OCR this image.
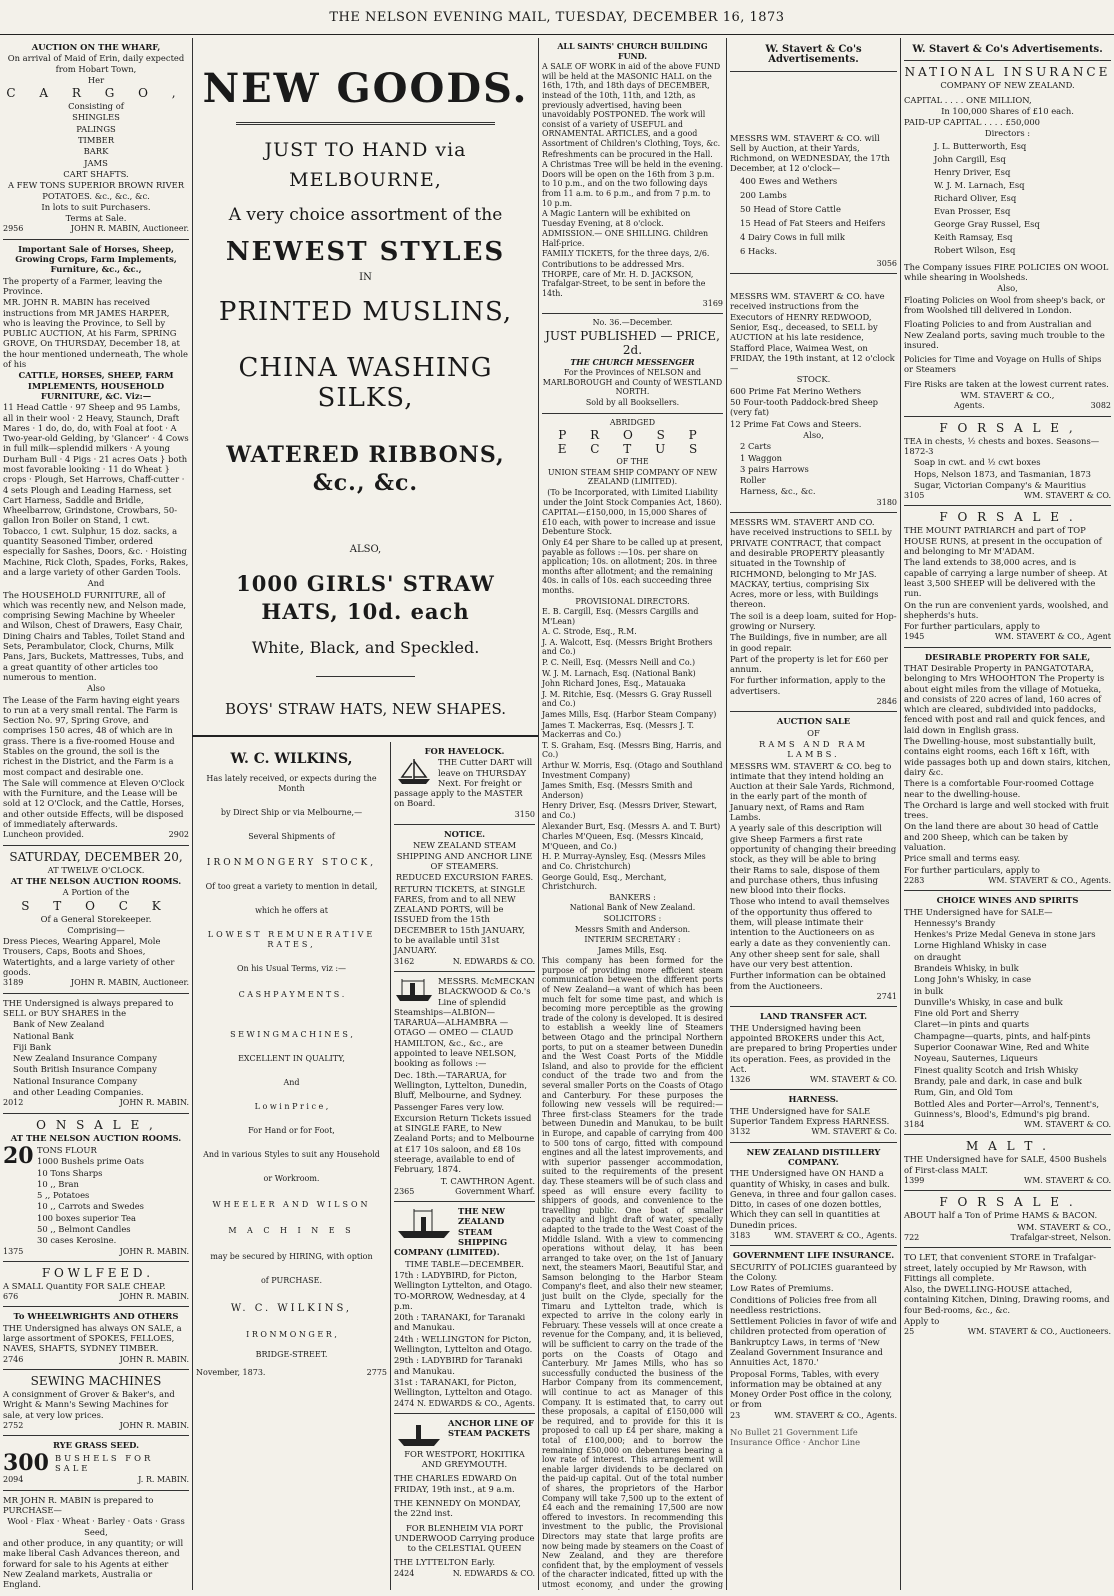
THE NELSON EVENING MAIL, TUESDAY, DECEMBER 16, 1873

AUCTION ON THE WHARF,

On arrival of Maid of Erin, daily expected from Hobart Town,

Her

C A R G O ,

Consisting of

SHINGLES

PALINGS

TIMBER

BARK

JAMS

CART SHAFTS.

A FEW TONS SUPERIOR BROWN RIVER POTATOES. &c., &c., &c.

In lots to suit Purchasers.

Terms at Sale.

2956	JOHN R. MABIN, Auctioneer.

Important Sale of Horses, Sheep, Growing Crops, Farm Implements, Furniture, &c., &c.,

The property of a Farmer, leaving the Province.

MR. JOHN R. MABIN has received instructions from MR JAMES HARPER, who is leaving the Province, to Sell by PUBLIC AUCTION, At his Farm, SPRING GROVE, On THURSDAY, December 18, at the hour mentioned underneath, The whole of his

CATTLE, HORSES, SHEEP, FARM IMPLEMENTS, HOUSEHOLD FURNITURE, &C. Viz:—

11 Head Cattle · 97 Sheep and 95 Lambs, all in their wool · 2 Heavy, Staunch, Draft Mares · 1 do, do, do, with Foal at foot · A Two-year-old Gelding, by 'Glancer' · 4 Cows in full milk—splendid milkers · A young Durham Bull · 4 Pigs · 21 acres Oats } both most favorable looking · 11 do Wheat } crops · Plough, Set Harrows, Chaff-cutter · 4 sets Plough and Leading Harness, set Cart Harness, Saddle and Bridle, Wheelbarrow, Grindstone, Crowbars, 50-gallon Iron Boiler on Stand, 1 cwt. Tobacco, 1 cwt. Sulphur, 15 doz. sacks, a quantity Seasoned Timber, ordered especially for Sashes, Doors, &c. · Hoisting Machine, Rick Cloth, Spades, Forks, Rakes, and a large variety of other Garden Tools.

And

The HOUSEHOLD FURNITURE, all of which was recently new, and Nelson made, comprising Sewing Machine by Wheeler and Wilson, Chest of Drawers, Easy Chair, Dining Chairs and Tables, Toilet Stand and Sets, Perambulator, Clock, Churns, Milk Pans, Jars, Buckets, Mattresses, Tubs, and a great quantity of other articles too numerous to mention.

Also

The Lease of the Farm having eight years to run at a very small rental. The Farm is Section No. 97, Spring Grove, and comprises 150 acres, 48 of which are in grass. There is a five-roomed House and Stables on the ground, the soil is the richest in the District, and the Farm is a most compact and desirable one.

The Sale will commence at Eleven O'Clock with the Furniture, and the Lease will be sold at 12 O'Clock, and the Cattle, Horses, and other outside Effects, will be disposed of immediately afterwards.

Luncheon provided.	2902

SATURDAY, DECEMBER 20,

AT TWELVE O'CLOCK.

AT THE NELSON AUCTION ROOMS.

A Portion of the

S T O C K

Of a General Storekeeper.

Comprising—

Dress Pieces, Wearing Apparel, Mole Trousers, Caps, Boots and Shoes, Watertights, and a large variety of other goods.

3189	JOHN R. MABIN, Auctioneer.

THE Undersigned is always prepared to SELL or BUY SHARES in the

Bank of New Zealand

National Bank

Fiji Bank

New Zealand Insurance Company

South British Insurance Company

National Insurance Company

and other Leading Companies.

2012	JOHN R. MABIN.

O N S A L E ,

AT THE NELSON AUCTION ROOMS.

20 TONS FLOUR

1000 Bushels prime Oats

10 Tons Sharps

10 ,, Bran

5 ,, Potatoes

10 ,, Carrots and Swedes

100 boxes superior Tea

50 ,, Belmont Candles

30 cases Kerosine.

1375	JOHN R. MABIN.

F O W L F E E D .

A SMALL Quantity FOR SALE CHEAP.

676	JOHN R. MABIN.

To WHEELWRIGHTS AND OTHERS

THE Undersigned has always ON SALE, a large assortment of SPOKES, FELLOES, NAVES, SHAFTS, SYDNEY TIMBER.

2746	JOHN R. MABIN.

SEWING MACHINES

A consignment of Grover & Baker's, and Wright & Mann's Sewing Machines for sale, at very low prices.

2752	JOHN R. MABIN.

RYE GRASS SEED.

300 BUSHELS FOR SALE
2094	J. R. MABIN.

MR JOHN R. MABIN is prepared to PURCHASE—

Wool · Flax · Wheat · Barley · Oats · Grass Seed,

and other produce, in any quantity; or will make liberal Cash Advances thereon, and forward for sale to his Agents at either New Zealand markets, Australia or England.

NEW GOODS.
JUST TO HAND via MELBOURNE,
A very choice assortment of the
NEWEST STYLES
IN
PRINTED MUSLINS,
CHINA WASHING SILKS,
WATERED RIBBONS, &c., &c.
ALSO,
1000 GIRLS' STRAW HATS, 10d. each
White, Black, and Speckled.
BOYS' STRAW HATS, NEW SHAPES.
W. C. WILKINS,

Has lately received, or expects during the Month

by Direct Ship or via Melbourne,—

Several Shipments of

IRONMONGERY STOCK,

Of too great a variety to mention in detail,

which he offers at

LOWEST REMUNERATIVE RATES,

On his Usual Terms, viz :—

C A S H P A Y M E N T S .

S E W I N G M A C H I N E S ,

EXCELLENT IN QUALITY,

And

L o w i n P r i c e ,

For Hand or for Foot,

And in various Styles to suit any Household

or Workroom.

WHEELER AND WILSON

M A C H I N E S

may be secured by HIRING, with option

of PURCHASE.

W. C. WILKINS,

I R O N M O N G E R ,

BRIDGE-STREET.

November, 1873.	2775

FOR HAVELOCK.

THE Cutter DART will leave on THURSDAY Next. For freight or passage apply to the MASTER on Board.

3150

NOTICE.

NEW ZEALAND STEAM SHIPPING AND ANCHOR LINE OF STEAMERS.

REDUCED EXCURSION FARES.

RETURN TICKETS, at SINGLE FARES, from and to all NEW ZEALAND PORTS, will be ISSUED from the 15th DECEMBER to 15th JANUARY, to be available until 31st JANUARY.

3162	N. EDWARDS & CO.

MESSRS. McMECKAN BLACKWOOD & Co.'s Line of splendid Steamships—ALBION—TARARUA—ALHAMBRA — OTAGO — OMEO — CLAUD HAMILTON, &c., &c., are appointed to leave NELSON, booking as follows :—

Dec. 18th.—TARARUA, for Wellington, Lyttelton, Dunedin, Bluff, Melbourne, and Sydney.

Passenger Fares very low.

Excursion Return Tickets issued at SINGLE FARE, to New Zealand Ports; and to Melbourne at £17 10s saloon, and £8 10s steerage, available to end of February, 1874.

T. CAWTHRON Agent.

2365	Government Wharf.

THE NEW ZEALAND STEAM SHIPPING COMPANY (LIMITED).

TIME TABLE—DECEMBER.

17th : LADYBIRD, for Picton, Wellington Lyttelton, and Otago. TO-MORROW, Wednesday, at 4 p.m.

20th : TARANAKI, for Taranaki and Manukau.

24th : WELLINGTON for Picton, Wellington, Lyttelton and Otago.

29th : LADYBIRD for Taranaki and Manukau.

31st : TARANAKI, for Picton, Wellington, Lyttelton and Otago.

2474 N. EDWARDS & CO., Agents.

ANCHOR LINE OF STEAM PACKETS

FOR WESTPORT, HOKITIKA AND GREYMOUTH.

THE CHARLES EDWARD On FRIDAY, 19th inst., at 9 a.m.

THE KENNEDY On MONDAY, the 22nd inst.

FOR BLENHEIM VIA PORT UNDERWOOD Carrying produce to the CELESTIAL QUEEN

THE LYTTELTON Early.

2424	N. EDWARDS & CO.

ALL SAINTS' CHURCH BUILDING FUND.

A SALE OF WORK in aid of the above FUND will be held at the MASONIC HALL on the 16th, 17th, and 18th days of DECEMBER, instead of the 10th, 11th, and 12th, as previously advertised, having been unavoidably POSTPONED. The work will consist of a variety of USEFUL and ORNAMENTAL ARTICLES, and a good Assortment of Children's Clothing, Toys, &c.

Refreshments can be procured in the Hall.

A Christmas Tree will be held in the evening. Doors will be open on the 16th from 3 p.m. to 10 p.m., and on the two following days from 11 a.m. to 6 p.m., and from 7 p.m. to 10 p.m.

A Magic Lantern will be exhibited on Tuesday Evening, at 8 o'clock.

ADMISSION.— ONE SHILLING. Children Half-price.

FAMILY TICKETS, for the three days, 2/6.

Contributions to be addressed Mrs. THORPE, care of Mr. H. D. JACKSON, Trafalgar-Street, to be sent in before the 14th.

3169

No. 36.—December.

JUST PUBLISHED — PRICE, 2d.

THE CHURCH MESSENGER

For the Provinces of NELSON and MARLBOROUGH and County of WESTLAND NORTH.

Sold by all Booksellers.

ABRIDGED

P R O S P E C T U S

OF THE

UNION STEAM SHIP COMPANY OF NEW ZEALAND (LIMITED).

(To be Incorporated, with Limited Liability under the Joint Stock Companies Act, 1860).

CAPITAL—£150,000, in 15,000 Shares of £10 each, with power to increase and issue Debenture Stock.

Only £4 per Share to be called up at present, payable as follows :—10s. per share on application; 10s. on allotment; 20s. in three months after allotment; and the remaining 40s. in calls of 10s. each succeeding three months.

PROVISIONAL DIRECTORS.

E. B. Cargill, Esq. (Messrs Cargills and M'Lean)

A. C. Strode, Esq., R.M.

J. A. Walcott, Esq. (Messrs Bright Brothers and Co.)

P. C. Neill, Esq. (Messrs Neill and Co.)

W. J. M. Larnach, Esq. (National Bank)

John Richard Jones, Esq., Matauaka

J. M. Ritchie, Esq. (Messrs G. Gray Russell and Co.)

James Mills, Esq. (Harbor Steam Company)

James T. Mackerras, Esq. (Messrs J. T. Mackerras and Co.)

T. S. Graham, Esq. (Messrs Bing, Harris, and Co.)

Arthur W. Morris, Esq. (Otago and Southland Investment Company)

James Smith, Esq. (Messrs Smith and Anderson)

Henry Driver, Esq. (Messrs Driver, Stewart, and Co.)

Alexander Burt, Esq. (Messrs A. and T. Burt)

Charles M'Queen, Esq. (Messrs Kincaid, M'Queen, and Co.)

H. P. Murray-Aynsley, Esq. (Messrs Miles and Co. Christchurch)

George Gould, Esq., Merchant, Christchurch.

BANKERS :

National Bank of New Zealand.

SOLICITORS :

Messrs Smith and Anderson.

INTERIM SECRETARY :

James Mills, Esq.

This company has been formed for the purpose of providing more efficient steam communication between the different ports of New Zealand—a want of which has been much felt for some time past, and which is becoming more perceptible as the growing trade of the colony is developed. It is desired to establish a weekly line of Steamers between Otago and the principal Northern ports, to put on a steamer between Dunedin and the West Coast Ports of the Middle Island, and also to provide for the efficient conduct of the trade two and from the several smaller Ports on the Coasts of Otago and Canterbury. For these purposes the following new vessels will be required:— Three first-class Steamers for the trade between Dunedin and Manukau, to be built in Europe, and capable of carrying from 400 to 500 tons of cargo, fitted with compound engines and all the latest improvements, and with superior passenger accommodation, suited to the requirements of the present day. These steamers will be of such class and speed as will ensure every facility to shippers of goods, and convenience to the travelling public. One boat of smaller capacity and light draft of water, specially adapted to the trade to the West Coast of the Middle Island. With a view to commencing operations without delay, it has been arranged to take over, on the 1st of January next, the steamers Maori, Beautiful Star, and Samson belonging to the Harbor Steam Company's fleet, and also their new steamer, just built on the Clyde, specially for the Timaru and Lyttelton trade, which is expected to arrive in the colony early in February. These vessels will at once create a revenue for the Company, and, it is believed, will be sufficient to carry on the trade of the ports on the Coasts of Otago and Canterbury. Mr James Mills, who has so successfully conducted the business of the Harbor Company from its commencement, will continue to act as Manager of this Company. It is estimated that, to carry out these proposals, a capital of £150,000 will be required, and to provide for this it is proposed to call up £4 per share, making a total of £100,000; and to borrow the remaining £50,000 on debentures bearing a low rate of interest. This arrangement will enable larger dividends to be declared on the paid-up capital. Out of the total number of shares, the proprietors of the Harbor Company will take 7,500 up to the extent of £4 each and the remaining 17,500 are now offered to investors. In recommending this investment to the public, the Provisional Directors may state that large profits are now being made by steamers on the Coast of New Zealand, and they are therefore confident that, by the employment of vessels of the character indicated, fitted up with the utmost economy, and under the growing

W. Stavert & Co's Advertisements.

MESSRS WM. STAVERT & CO. will Sell by Auction, at their Yards, Richmond, on WEDNESDAY, the 17th December, at 12 o'clock—

400 Ewes and Wethers

200 Lambs

50 Head of Store Cattle

15 Head of Fat Steers and Heifers

4 Dairy Cows in full milk

6 Hacks.

3056

MESSRS WM. STAVERT & CO. have received instructions from the Executors of HENRY REDWOOD, Senior, Esq., deceased, to SELL by AUCTION at his late residence, Stafford Place, Waimea West, on FRIDAY, the 19th instant, at 12 o'clock—

STOCK.

600 Prime Fat Merino Wethers

50 Four-tooth Paddock-bred Sheep (very fat)

12 Prime Fat Cows and Steers.

Also,

2 Carts

1 Waggon

3 pairs Harrows

Roller

Harness, &c., &c.

3180

MESSRS WM. STAVERT AND CO. have received instructions to SELL by PRIVATE CONTRACT, that compact and desirable PROPERTY pleasantly situated in the Township of RICHMOND, belonging to Mr JAS. MACKAY, tertius, comprising Six Acres, more or less, with Buildings thereon.

The soil is a deep loam, suited for Hop-growing or Nursery.

The Buildings, five in number, are all in good repair.

Part of the property is let for £60 per annum.

For further information, apply to the advertisers.

2846

AUCTION SALE

OF

RAMS AND RAM LAMBS.

MESSRS WM. STAVERT & CO. beg to intimate that they intend holding an Auction at their Sale Yards, Richmond, in the early part of the month of January next, of Rams and Ram Lambs.

A yearly sale of this description will give Sheep Farmers a first rate opportunity of changing their breeding stock, as they will be able to bring their Rams to sale, dispose of them and purchase others, thus infusing new blood into their flocks.

Those who intend to avail themselves of the opportunity thus offered to them, will please intimate their intention to the Auctioneers on as early a date as they conveniently can.

Any other sheep sent for sale, shall have our very best attention.

Further information can be obtained from the Auctioneers.

2741

LAND TRANSFER ACT.

THE Undersigned having been appointed BROKERS under this Act, are prepared to bring Properties under its operation. Fees, as provided in the Act.

1326	WM. STAVERT & CO.

HARNESS.

THE Undersigned have for SALE Superior Tandem Express HARNESS.

3132	WM. STAVERT & Co.

NEW ZEALAND DISTILLERY COMPANY.

THE Undersigned have ON HAND a quantity of Whisky, in cases and bulk. Geneva, in three and four gallon cases. Ditto, in cases of one dozen bottles, Which they can sell in quantities at Dunedin prices.

3183	WM. STAVERT & CO., Agents.

GOVERNMENT LIFE INSURANCE.

SECURITY of POLICIES guaranteed by the Colony.

Low Rates of Premiums.

Conditions of Policies free from all needless restrictions.

Settlement Policies in favor of wife and children protected from operation of Bankruptcy Laws, in terms of 'New Zealand Government Insurance and Annuities Act, 1870.'

Proposal Forms, Tables, with every information may be obtained at any Money Order Post office in the colony, or from

23	WM. STAVERT & CO., Agents.

No Bullet 21 Government Life Insurance Office · Anchor Line

W. Stavert & Co's Advertisements.

NATIONAL INSURANCE

COMPANY OF NEW ZEALAND.

CAPITAL . . . . ONE MILLION,

In 100,000 Shares of £10 each.

PAID-UP CAPITAL . . . . £50,000

Directors :

J. L. Butterworth, Esq

John Cargill, Esq

Henry Driver, Esq

W. J. M. Larnach, Esq

Richard Oliver, Esq

Evan Prosser, Esq

George Gray Russel, Esq

Keith Ramsay, Esq

Robert Wilson, Esq

The Company issues FIRE POLICIES ON WOOL while shearing in Woolsheds.

Also,

Floating Policies on Wool from sheep's back, or from Woolshed till delivered in London.

Floating Policies to and from Australian and New Zealand ports, saving much trouble to the insured.

Policies for Time and Voyage on Hulls of Ships or Steamers

Fire Risks are taken at the lowest current rates.

WM. STAVERT & CO.,

Agents.	3082

F O R S A L E ,

TEA in chests, ½ chests and boxes. Seasons—1872-3

Soap in cwt. and ½ cwt boxes

Hops, Nelson 1873, and Tasmanian, 1873

Sugar, Victorian Company's & Mauritius

3105	WM. STAVERT & CO.

F O R S A L E .

THE MOUNT PATRIARCH and part of TOP HOUSE RUNS, at present in the occupation of and belonging to Mr M'ADAM.

The land extends to 38,000 acres, and is capable of carrying a large number of sheep. At least 3,500 SHEEP will be delivered with the run.

On the run are convenient yards, woolshed, and shepherds's huts.

For further particulars, apply to

1945	WM. STAVERT & CO., Agent

DESIRABLE PROPERTY FOR SALE,

THAT Desirable Property in PANGATOTARA, belonging to Mrs WHOOHTON The Property is about eight miles from the village of Motueka, and consists of 220 acres of land, 160 acres of which are cleared, subdivided into paddocks, fenced with post and rail and quick fences, and laid down in English grass.

The Dwelling-house, most substantially built, contains eight rooms, each 16ft x 16ft, with wide passages both up and down stairs, kitchen, dairy &c.

There is a comfortable Four-roomed Cottage near to the dwelling-house.

The Orchard is large and well stocked with fruit trees.

On the land there are about 30 head of Cattle and 200 Sheep, which can be taken by valuation.

Price small and terms easy.

For further particulars, apply to

2283	WM. STAVERT & CO., Agents.

CHOICE WINES AND SPIRITS

THE Undersigned have for SALE—

Hennessy's Brandy

Henkes's Prize Medal Geneva in stone jars

Lorne Highland Whisky in case

on draught

Brandeis Whisky, in bulk

Long John's Whisky, in case

in bulk

Dunville's Whisky, in case and bulk

Fine old Port and Sherry

Claret—in pints and quarts

Champagne—quarts, pints, and half-pints

Superior Coonawar Wine, Red and White

Noyeau, Sauternes, Liqueurs

Finest quality Scotch and Irish Whisky

Brandy, pale and dark, in case and bulk

Rum, Gin, and Old Tom

Bottled Ales and Porter—Arrol's, Tennent's, Guinness's, Blood's, Edmund's pig brand.

3184	WM. STAVERT & CO.

M A L T .

THE Undersigned have for SALE, 4500 Bushels of First-class MALT.

1399	WM. STAVERT & CO.

F O R S A L E .

ABOUT half a Ton of Prime HAMS & BACON.

WM. STAVERT & CO.,

722	Trafalgar-street, Nelson.

TO LET, that convenient STORE in Trafalgar-street, lately occupied by Mr Rawson, with Fittings all complete.

Also, the DWELLING-HOUSE attached, containing Kitchen, Dining, Drawing rooms, and four Bed-rooms, &c., &c.

Apply to

25	WM. STAVERT & CO., Auctioneers.
